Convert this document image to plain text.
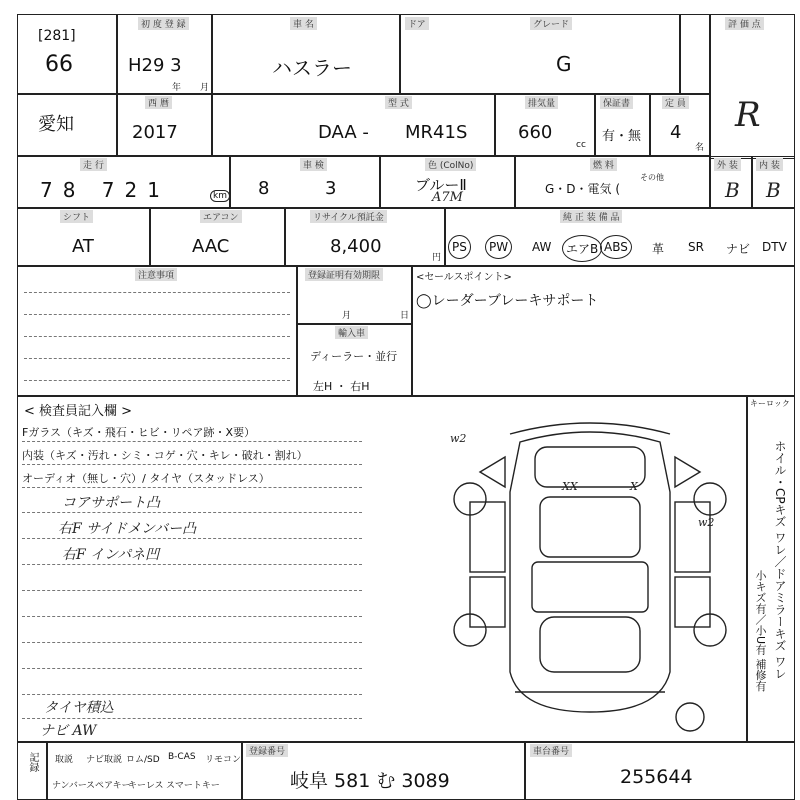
[281]
66
初 度 登 録
H29 3
年 月
車 名
ハスラー
ドア	グレード
G
評 価 点
R
愛知
西 暦
2017
型 式
DAA - MR41S
排気量
660
cc
保証書
有・無
定 員
4
名
走 行
78 721	km
車 検
8	3
色 (ColNo)
ブルーⅡ
A7M
燃 料
G・D・電気 (
その他
外 装
B
内 装
B
シフト
AT
エアコン
AAC
リサイクル預託金
8,400
円
純 正 装 備 品
PS	PW	AW	エアB ABS	革 SR ナビ DTV
注意事項	登録証明有効期限
月	日
輸入車
ディーラー・並行
左H ・ 右H
<セールスポイント>
◯レーダーブレーキサポート
< 検査員記入欄 >
Fガラス（キズ・飛石・ヒビ・リペア跡・X要）
内装（キズ・汚れ・シミ・コゲ・穴・キレ・破れ・割れ）
オーディオ（無し・穴）/ タイヤ（スタッドレス）
コアサポート凸
右F サイドメンバー凸
右F インパネ凹
タイヤ積込
ナビ AW
w2
XX	X
w2
キーロック
ホイル・CPキズ ワレ／ドアミラーキズ ワレ
小キズ有／小U有 補修有
記録 取説 ナビ取説 ロム/SD B-CAS リモコン
ナンバー スペアキー
キーレス スマートキー
登録番号
岐阜 581 む 3089
車台番号
255644
